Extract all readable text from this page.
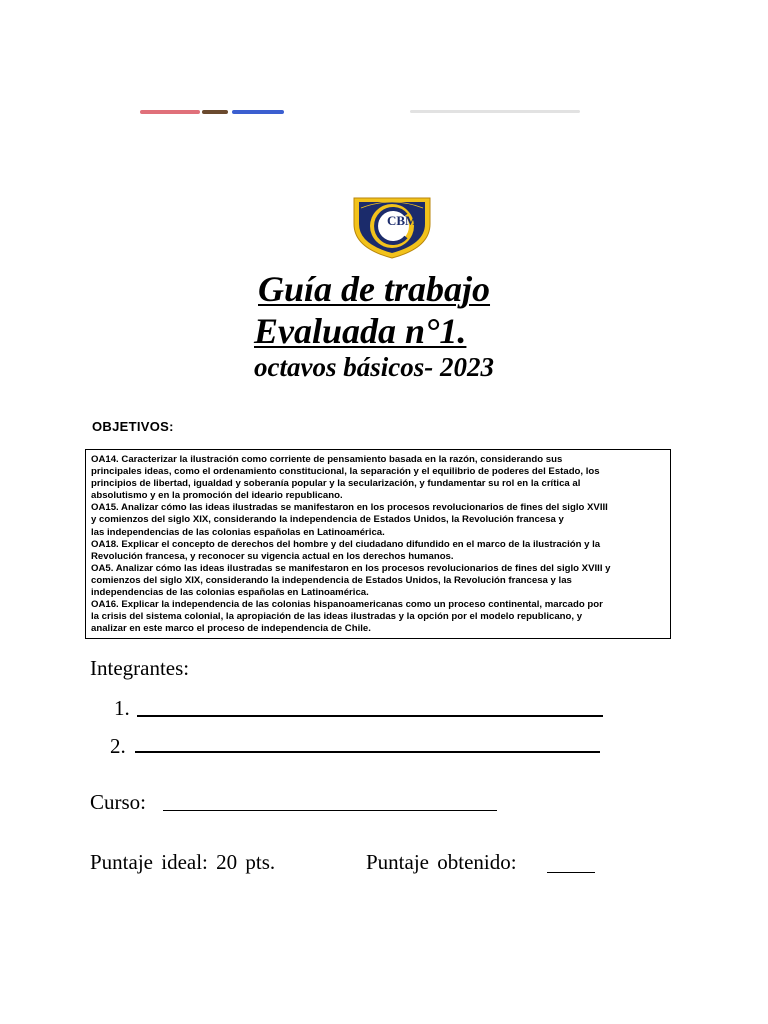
CBM
Guía de trabajo
Evaluada n°1.
octavos básicos- 2023
OBJETIVOS:
OA14. Caracterizar la ilustración como corriente de pensamiento basada en la razón, considerando sus
principales ideas, como el ordenamiento constitucional, la separación y el equilibrio de poderes del Estado, los
principios de libertad, igualdad y soberanía popular y la secularización, y fundamentar su rol en la crítica al
absolutismo y en la promoción del ideario republicano.
OA15. Analizar cómo las ideas ilustradas se manifestaron en los procesos revolucionarios de fines del siglo XVIII
y comienzos del siglo XIX, considerando la independencia de Estados Unidos, la Revolución francesa y
las independencias de las colonias españolas en Latinoamérica.
OA18. Explicar el concepto de derechos del hombre y del ciudadano difundido en el marco de la ilustración y la
Revolución francesa, y reconocer su vigencia actual en los derechos humanos.
OA5. Analizar cómo las ideas ilustradas se manifestaron en los procesos revolucionarios de fines del siglo XVIII y
comienzos del siglo XIX, considerando la independencia de Estados Unidos, la Revolución francesa y las
independencias de las colonias españolas en Latinoamérica.
OA16. Explicar la independencia de las colonias hispanoamericanas como un proceso continental, marcado por
la crisis del sistema colonial, la apropiación de las ideas ilustradas y la opción por el modelo republicano, y
analizar en este marco el proceso de independencia de Chile.
Integrantes:
1.
2.
Curso:
Puntaje ideal: 20 pts.	Puntaje obtenido:
